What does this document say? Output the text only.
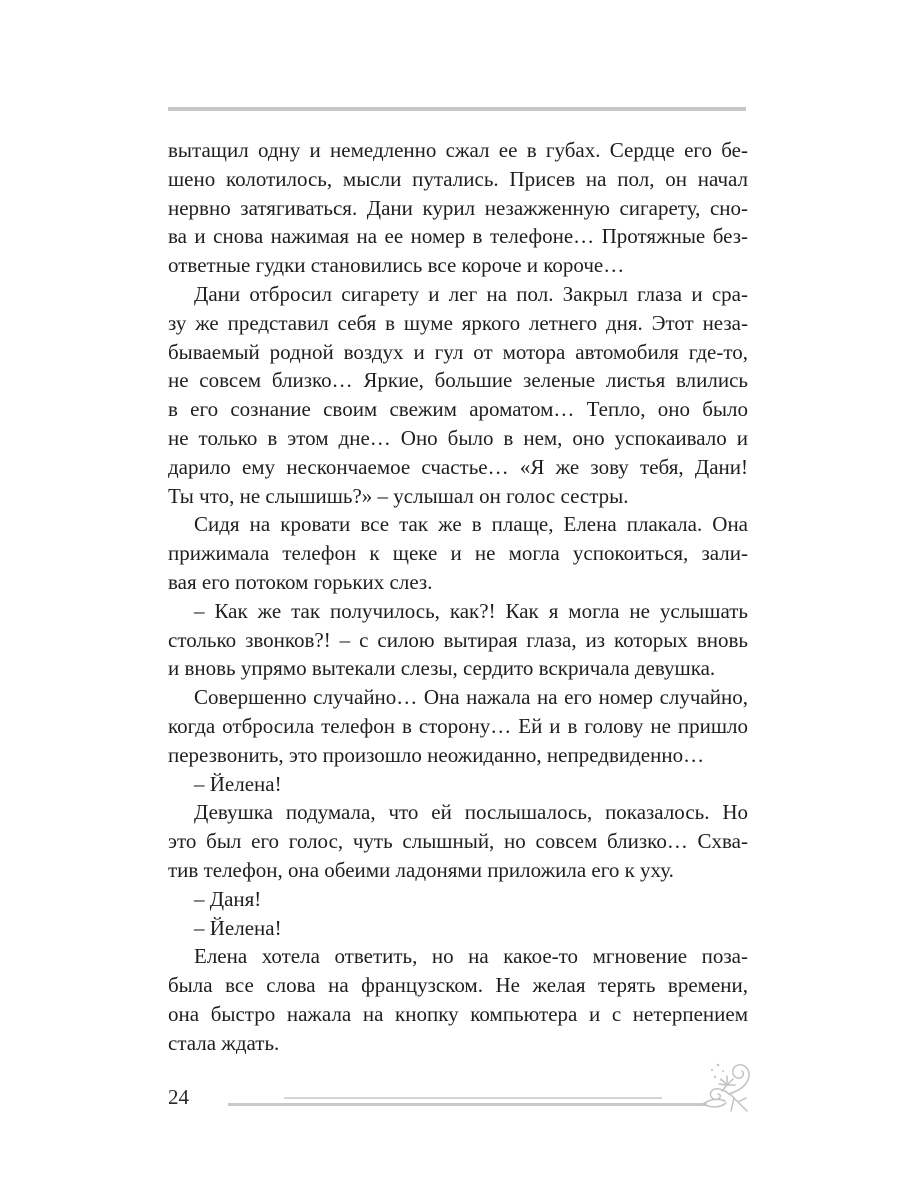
вытащил одну и немедленно сжал ее в губах. Сердце его бе-
шено колотилось, мысли путались. Присев на пол, он начал
нервно затягиваться. Дани курил незажженную сигарету, сно-
ва и снова нажимая на ее номер в телефоне… Протяжные без-
ответные гудки становились все короче и короче…
Дани отбросил сигарету и лег на пол. Закрыл глаза и сра-
зу же представил себя в шуме яркого летнего дня. Этот неза-
бываемый родной воздух и гул от мотора автомобиля где-то,
не совсем близко… Яркие, большие зеленые листья влились
в его сознание своим свежим ароматом… Тепло, оно было
не только в этом дне… Оно было в нем, оно успокаивало и
дарило ему нескончаемое счастье… «Я же зову тебя, Дани!
Ты что, не слышишь?» – услышал он голос сестры.
Сидя на кровати все так же в плаще, Елена плакала. Она
прижимала телефон к щеке и не могла успокоиться, зали-
вая его потоком горьких слез.
– Как же так получилось, как?! Как я могла не услышать
столько звонков?! – с силою вытирая глаза, из которых вновь
и вновь упрямо вытекали слезы, сердито вскричала девушка.
Совершенно случайно… Она нажала на его номер случайно,
когда отбросила телефон в сторону… Ей и в голову не пришло
перезвонить, это произошло неожиданно, непредвиденно…
– Йелена!
Девушка подумала, что ей послышалось, показалось. Но
это был его голос, чуть слышный, но совсем близко… Схва-
тив телефон, она обеими ладонями приложила его к уху.
– Даня!
– Йелена!
Елена хотела ответить, но на какое-то мгновение поза-
была все слова на французском. Не желая терять времени,
она быстро нажала на кнопку компьютера и с нетерпением
стала ждать.
24
